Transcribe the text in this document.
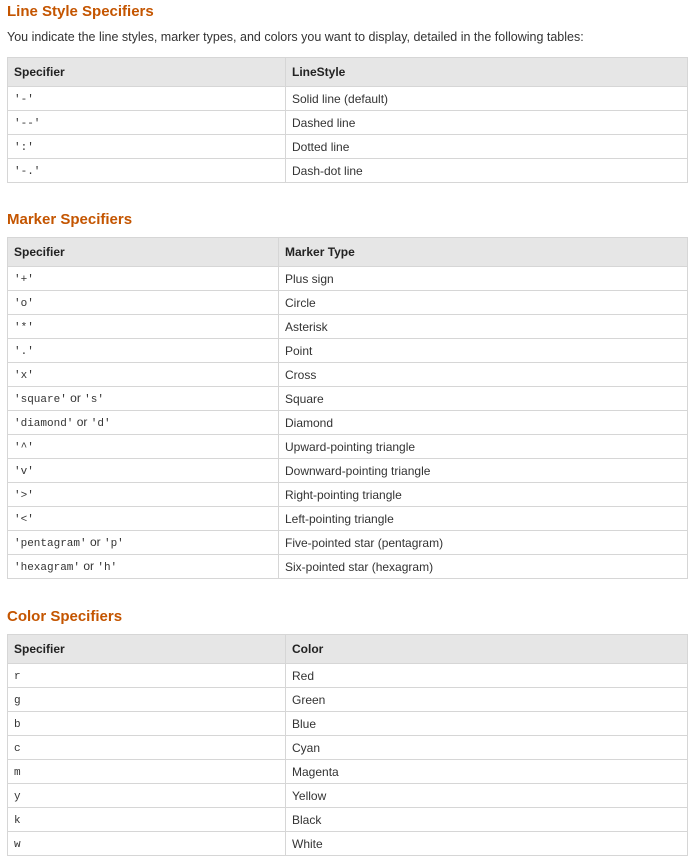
Line Style Specifiers

You indicate the line styles, marker types, and colors you want to display, detailed in the following tables:

Specifier	LineStyle
'-'	Solid line (default)
'--'	Dashed line
':'	Dotted line
'-.'	Dash-dot line
Marker Specifiers
Specifier	Marker Type
'+'	Plus sign
'o'	Circle
'*'	Asterisk
'.'	Point
'x'	Cross
'square' or 's'	Square
'diamond' or 'd'	Diamond
'^'	Upward-pointing triangle
'v'	Downward-pointing triangle
'>'	Right-pointing triangle
'<'	Left-pointing triangle
'pentagram' or 'p'	Five-pointed star (pentagram)
'hexagram' or 'h'	Six-pointed star (hexagram)
Color Specifiers
Specifier	Color
r	Red
g	Green
b	Blue
c	Cyan
m	Magenta
y	Yellow
k	Black
w	White
